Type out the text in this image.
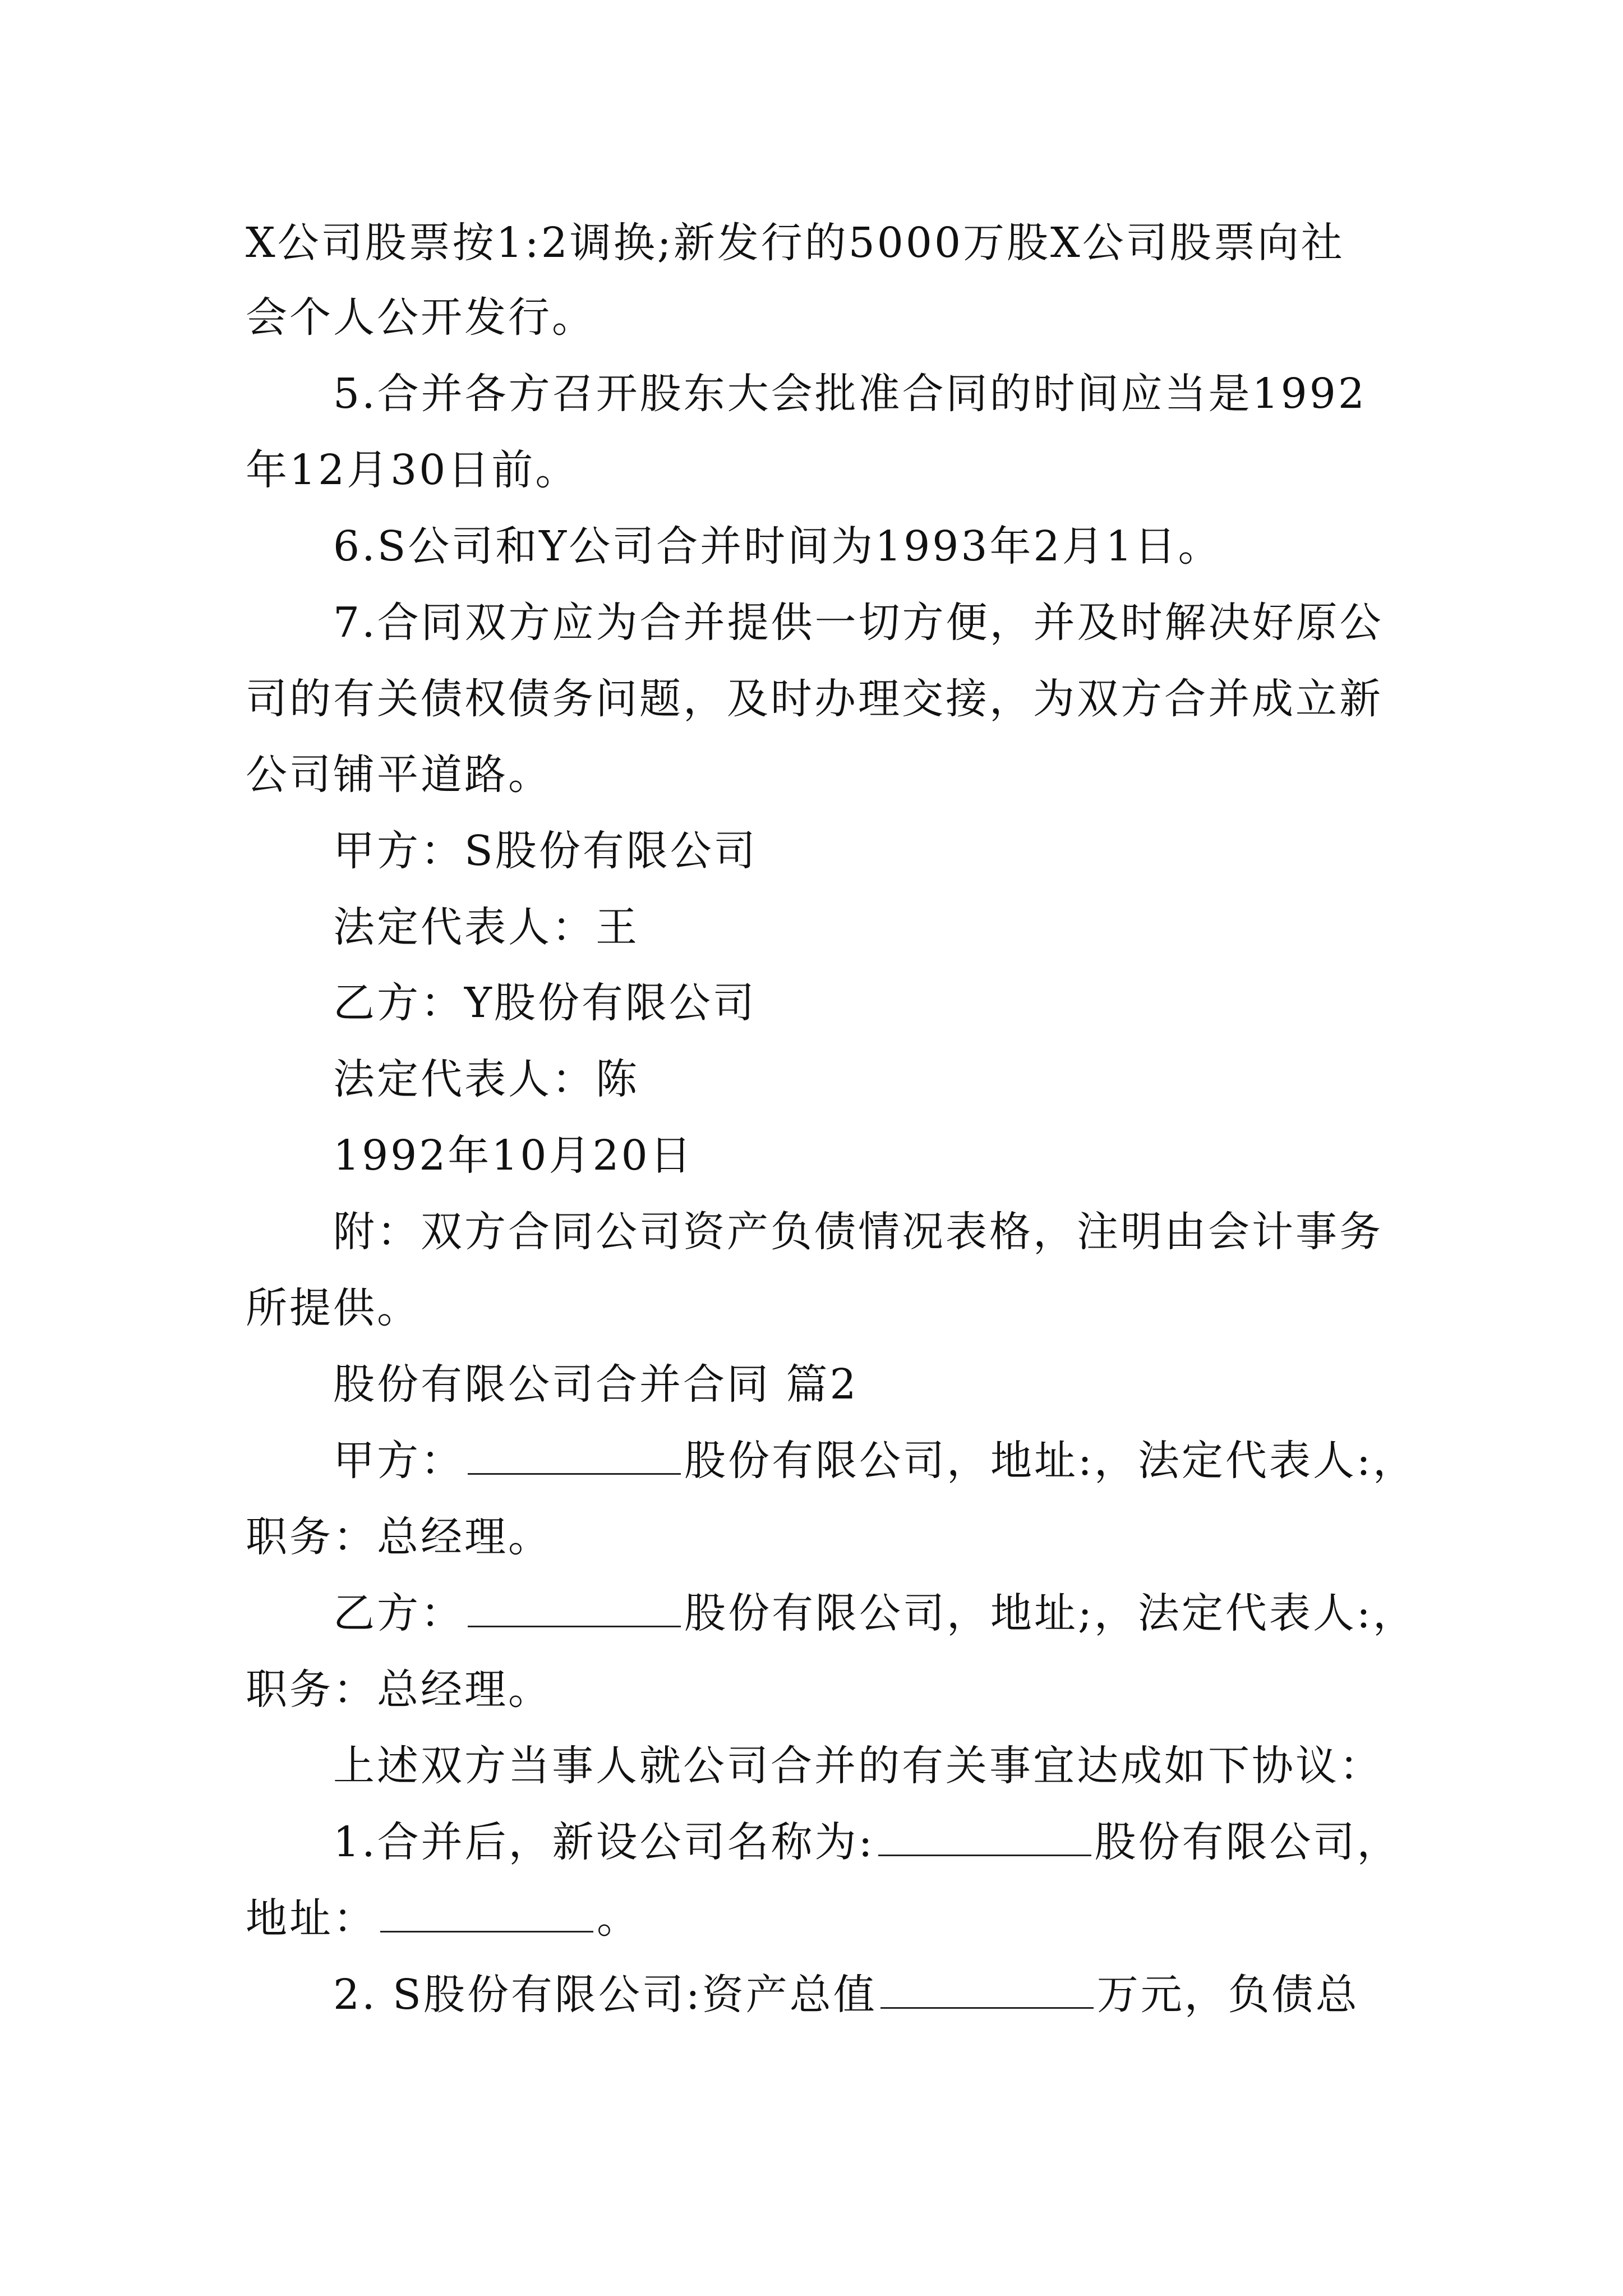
X公司股票按1:2调换;新发行的5000万股X公司股票向社
会个人公开发行。
5.合并各方召开股东大会批准合同的时间应当是1992
年12月30日前。
6.S公司和Y公司合并时间为1993年2月1日。
7.合同双方应为合并提供一切方便，并及时解决好原公
司的有关债权债务问题，及时办理交接，为双方合并成立新
公司铺平道路。
甲方：S股份有限公司
法定代表人：王
乙方：Y股份有限公司
法定代表人：陈
1992年10月20日
附：双方合同公司资产负债情况表格，注明由会计事务
所提供。
股份有限公司合并合同 篇2
甲方：	股份有限公司，地址:，法定代表人:，
职务：总经理。
乙方：	股份有限公司，地址;，法定代表人:，
职务：总经理。
上述双方当事人就公司合并的有关事宜达成如下协议：
1.合并后，新设公司名称为:	股份有限公司，
地址：	。
2. S股份有限公司:资产总值	万元，负债总
